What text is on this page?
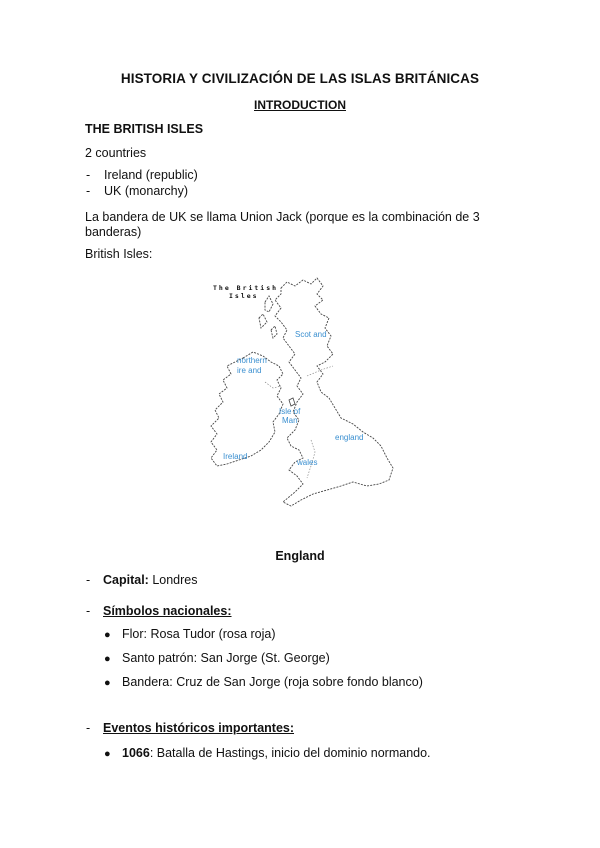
HISTORIA Y CIVILIZACIÓN DE LAS ISLAS BRITÁNICAS
INTRODUCTION
THE BRITISH ISLES
2 countries
- Ireland (republic)
- UK (monarchy)
La bandera de UK se llama Union Jack (porque es la combinación de 3
banderas)
British Isles:
The British
Isles
Scot and
northern
ire and
Isle of
Man
england
Ireland
wales
England
- Capital: Londres
- Símbolos nacionales:
● Flor: Rosa Tudor (rosa roja)
● Santo patrón: San Jorge (St. George)
● Bandera: Cruz de San Jorge (roja sobre fondo blanco)
- Eventos históricos importantes:
● 1066: Batalla de Hastings, inicio del dominio normando.
